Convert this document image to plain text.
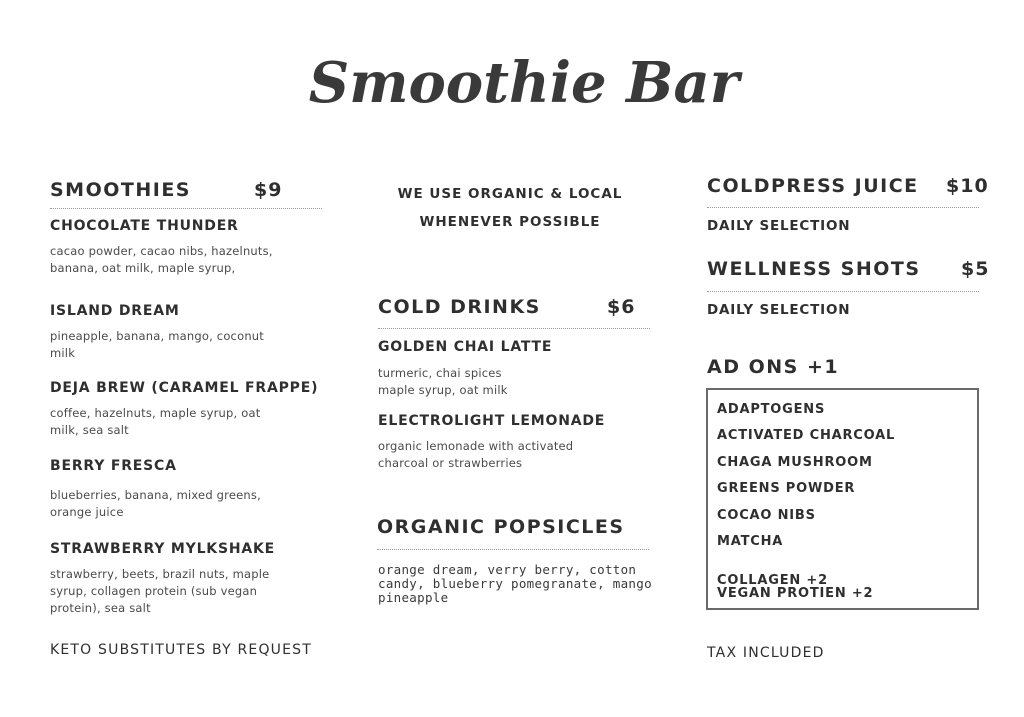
Smoothie Bar
SMOOTHIES	$9
CHOCOLATE THUNDER
cacao powder, cacao nibs, hazelnuts,
banana, oat milk, maple syrup,
ISLAND DREAM
pineapple, banana, mango, coconut
milk
DEJA BREW (CARAMEL FRAPPE)
coffee, hazelnuts, maple syrup, oat
milk, sea salt
BERRY FRESCA
blueberries, banana, mixed greens,
orange juice
STRAWBERRY MYLKSHAKE
strawberry, beets, brazil nuts, maple
syrup, collagen protein (sub vegan
protein), sea salt
KETO SUBSTITUTES BY REQUEST
WE USE ORGANIC & LOCAL
WHENEVER POSSIBLE
COLD DRINKS	$6
GOLDEN CHAI LATTE
turmeric, chai spices
maple syrup, oat milk
ELECTROLIGHT LEMONADE
organic lemonade with activated
charcoal or strawberries
ORGANIC POPSICLES
orange dream, verry berry, cotton
candy, blueberry pomegranate, mango
pineapple
COLDPRESS JUICE $10
DAILY SELECTION
WELLNESS SHOTS $5
DAILY SELECTION
AD ONS +1
ADAPTOGENS
ACTIVATED CHARCOAL
CHAGA MUSHROOM
GREENS POWDER
COCAO NIBS
MATCHA
COLLAGEN +2
VEGAN PROTIEN +2
TAX INCLUDED
